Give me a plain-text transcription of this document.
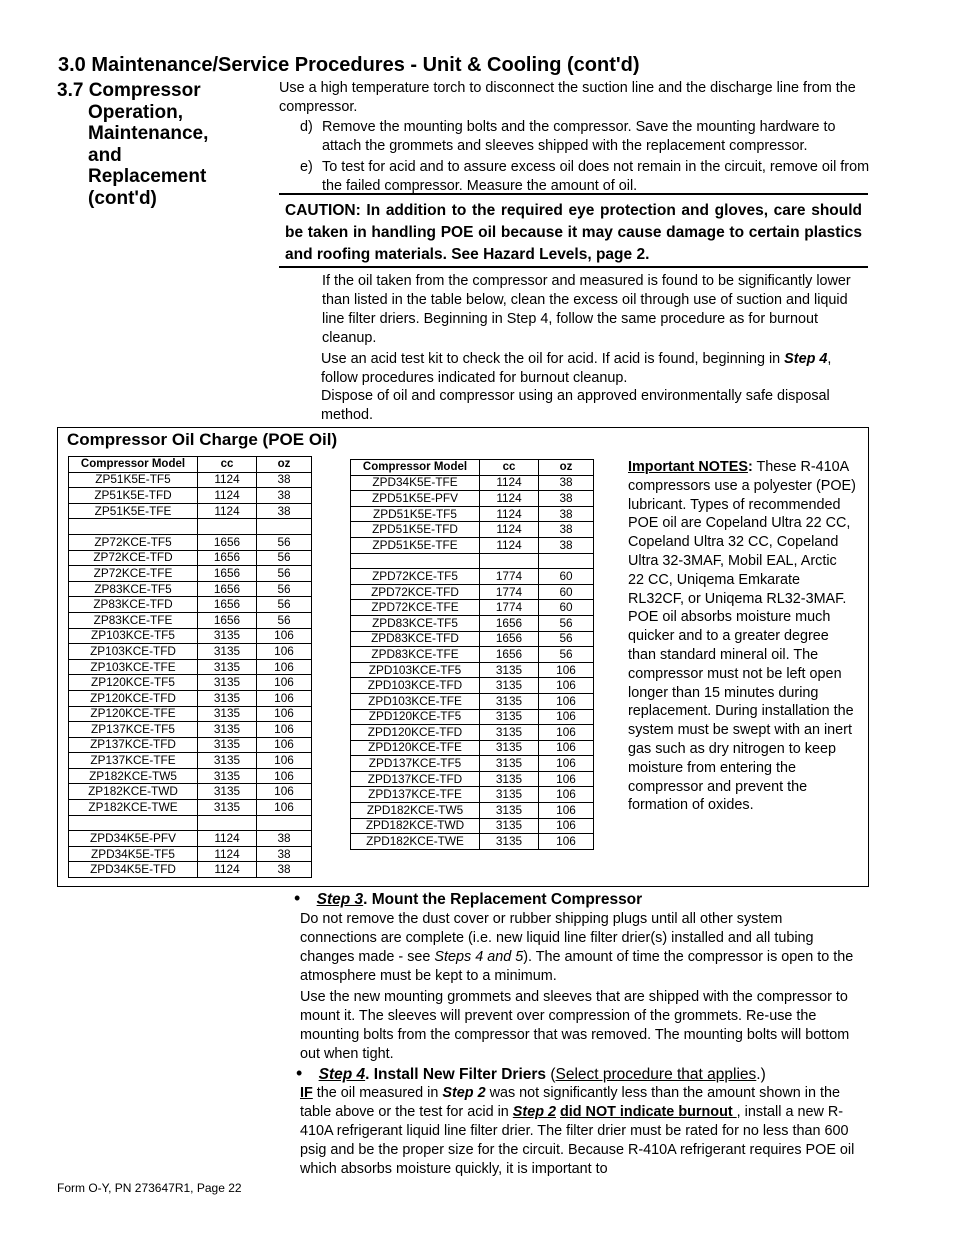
3.0 Maintenance/Service Procedures - Unit & Cooling (cont'd)
3.7 Compressor
Operation,
Maintenance,
and
Replacement
(cont'd)
Use a high temperature torch to disconnect the suction line and the discharge line from the compressor.
d) Remove the mounting bolts and the compressor. Save the mounting hardware to attach the grommets and sleeves shipped with the replacement compressor.
e) To test for acid and to assure excess oil does not remain in the circuit, remove oil from the failed compressor. Measure the amount of oil.
CAUTION: In addition to the required eye protection and gloves, care should be taken in handling POE oil because it may cause damage to certain plastics and roofing materials. See Hazard Levels, page 2.
If the oil taken from the compressor and measured is found to be significantly lower than listed in the table below, clean the excess oil through use of suction and liquid line filter driers. Beginning in Step 4, follow the same procedure as for burnout cleanup.
Use an acid test kit to check the oil for acid. If acid is found, beginning in Step 4, follow procedures indicated for burnout cleanup.
Dispose of oil and compressor using an approved environmentally safe disposal method.
Compressor Oil Charge (POE Oil)
Compressor Model	cc	oz
ZP51K5E-TF5	1124	38
ZP51K5E-TFD	1124	38
ZP51K5E-TFE	1124	38

ZP72KCE-TF5	1656	56
ZP72KCE-TFD	1656	56
ZP72KCE-TFE	1656	56
ZP83KCE-TF5	1656	56
ZP83KCE-TFD	1656	56
ZP83KCE-TFE	1656	56
ZP103KCE-TF5	3135	106
ZP103KCE-TFD	3135	106
ZP103KCE-TFE	3135	106
ZP120KCE-TF5	3135	106
ZP120KCE-TFD	3135	106
ZP120KCE-TFE	3135	106
ZP137KCE-TF5	3135	106
ZP137KCE-TFD	3135	106
ZP137KCE-TFE	3135	106
ZP182KCE-TW5	3135	106
ZP182KCE-TWD	3135	106
ZP182KCE-TWE	3135	106

ZPD34K5E-PFV	1124	38
ZPD34K5E-TF5	1124	38
ZPD34K5E-TFD	1124	38
Compressor Model	cc	oz
ZPD34K5E-TFE	1124	38
ZPD51K5E-PFV	1124	38
ZPD51K5E-TF5	1124	38
ZPD51K5E-TFD	1124	38
ZPD51K5E-TFE	1124	38

ZPD72KCE-TF5	1774	60
ZPD72KCE-TFD	1774	60
ZPD72KCE-TFE	1774	60
ZPD83KCE-TF5	1656	56
ZPD83KCE-TFD	1656	56
ZPD83KCE-TFE	1656	56
ZPD103KCE-TF5	3135	106
ZPD103KCE-TFD	3135	106
ZPD103KCE-TFE	3135	106
ZPD120KCE-TF5	3135	106
ZPD120KCE-TFD	3135	106
ZPD120KCE-TFE	3135	106
ZPD137KCE-TF5	3135	106
ZPD137KCE-TFD	3135	106
ZPD137KCE-TFE	3135	106
ZPD182KCE-TW5	3135	106
ZPD182KCE-TWD	3135	106
ZPD182KCE-TWE	3135	106
Important NOTES: These R-410A compressors use a polyester (POE) lubricant. Types of recommended POE oil are Copeland Ultra 22 CC, Copeland Ultra 32 CC, Copeland Ultra 32-3MAF, Mobil EAL, Arctic 22 CC, Uniqema Emkarate RL32CF, or Uniqema RL32-3MAF.
POE oil absorbs moisture much quicker and to a greater degree than standard mineral oil. The compressor must not be left open longer than 15 minutes during replacement. During installation the system must be swept with an inert gas such as dry nitrogen to keep moisture from entering the compressor and prevent the formation of oxides.
• Step 3. Mount the Replacement Compressor
Do not remove the dust cover or rubber shipping plugs until all other system connections are complete (i.e. new liquid line filter drier(s) installed and all tubing changes made - see Steps 4 and 5). The amount of time the compressor is open to the atmosphere must be kept to a minimum.
Use the new mounting grommets and sleeves that are shipped with the compressor to mount it. The sleeves will prevent over compression of the grommets. Re-use the mounting bolts from the compressor that was removed. The mounting bolts will bottom out when tight.
• Step 4. Install New Filter Driers (Select procedure that applies.)
IF the oil measured in Step 2 was not significantly less than the amount shown in the table above or the test for acid in Step 2 did NOT indicate burnout , install a new R-410A refrigerant liquid line filter drier. The filter drier must be rated for no less than 600 psig and be the proper size for the circuit. Because R-410A refrigerant requires POE oil which absorbs moisture quickly, it is important to
Form O-Y, PN 273647R1, Page 22
